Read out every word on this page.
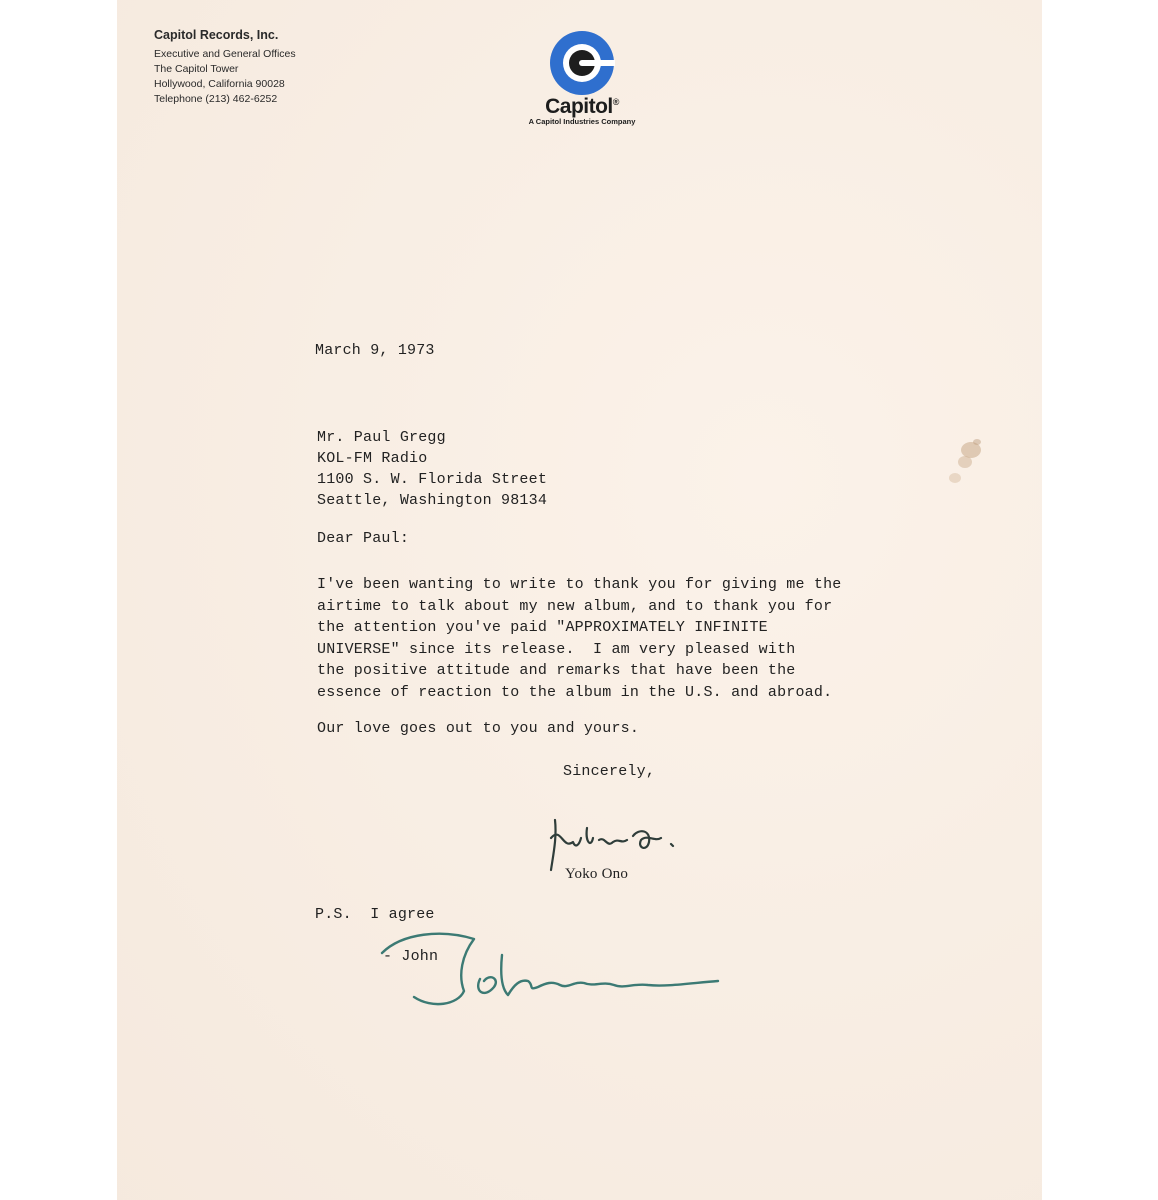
Capitol Records, Inc.
Executive and General Offices
The Capitol Tower
Hollywood, California 90028
Telephone (213) 462-6252	Capitol®
A Capitol Industries Company
March 9, 1973
Mr. Paul Gregg
KOL-FM Radio
1100 S. W. Florida Street
Seattle, Washington 98134
Dear Paul:
I've been wanting to write to thank you for giving me the
airtime to talk about my new album, and to thank you for
the attention you've paid "APPROXIMATELY INFINITE
UNIVERSE" since its release.  I am very pleased with
the positive attitude and remarks that have been the
essence of reaction to the album in the U.S. and abroad.
Our love goes out to you and yours.
Sincerely,
Yoko Ono
P.S.  I agree
- John
